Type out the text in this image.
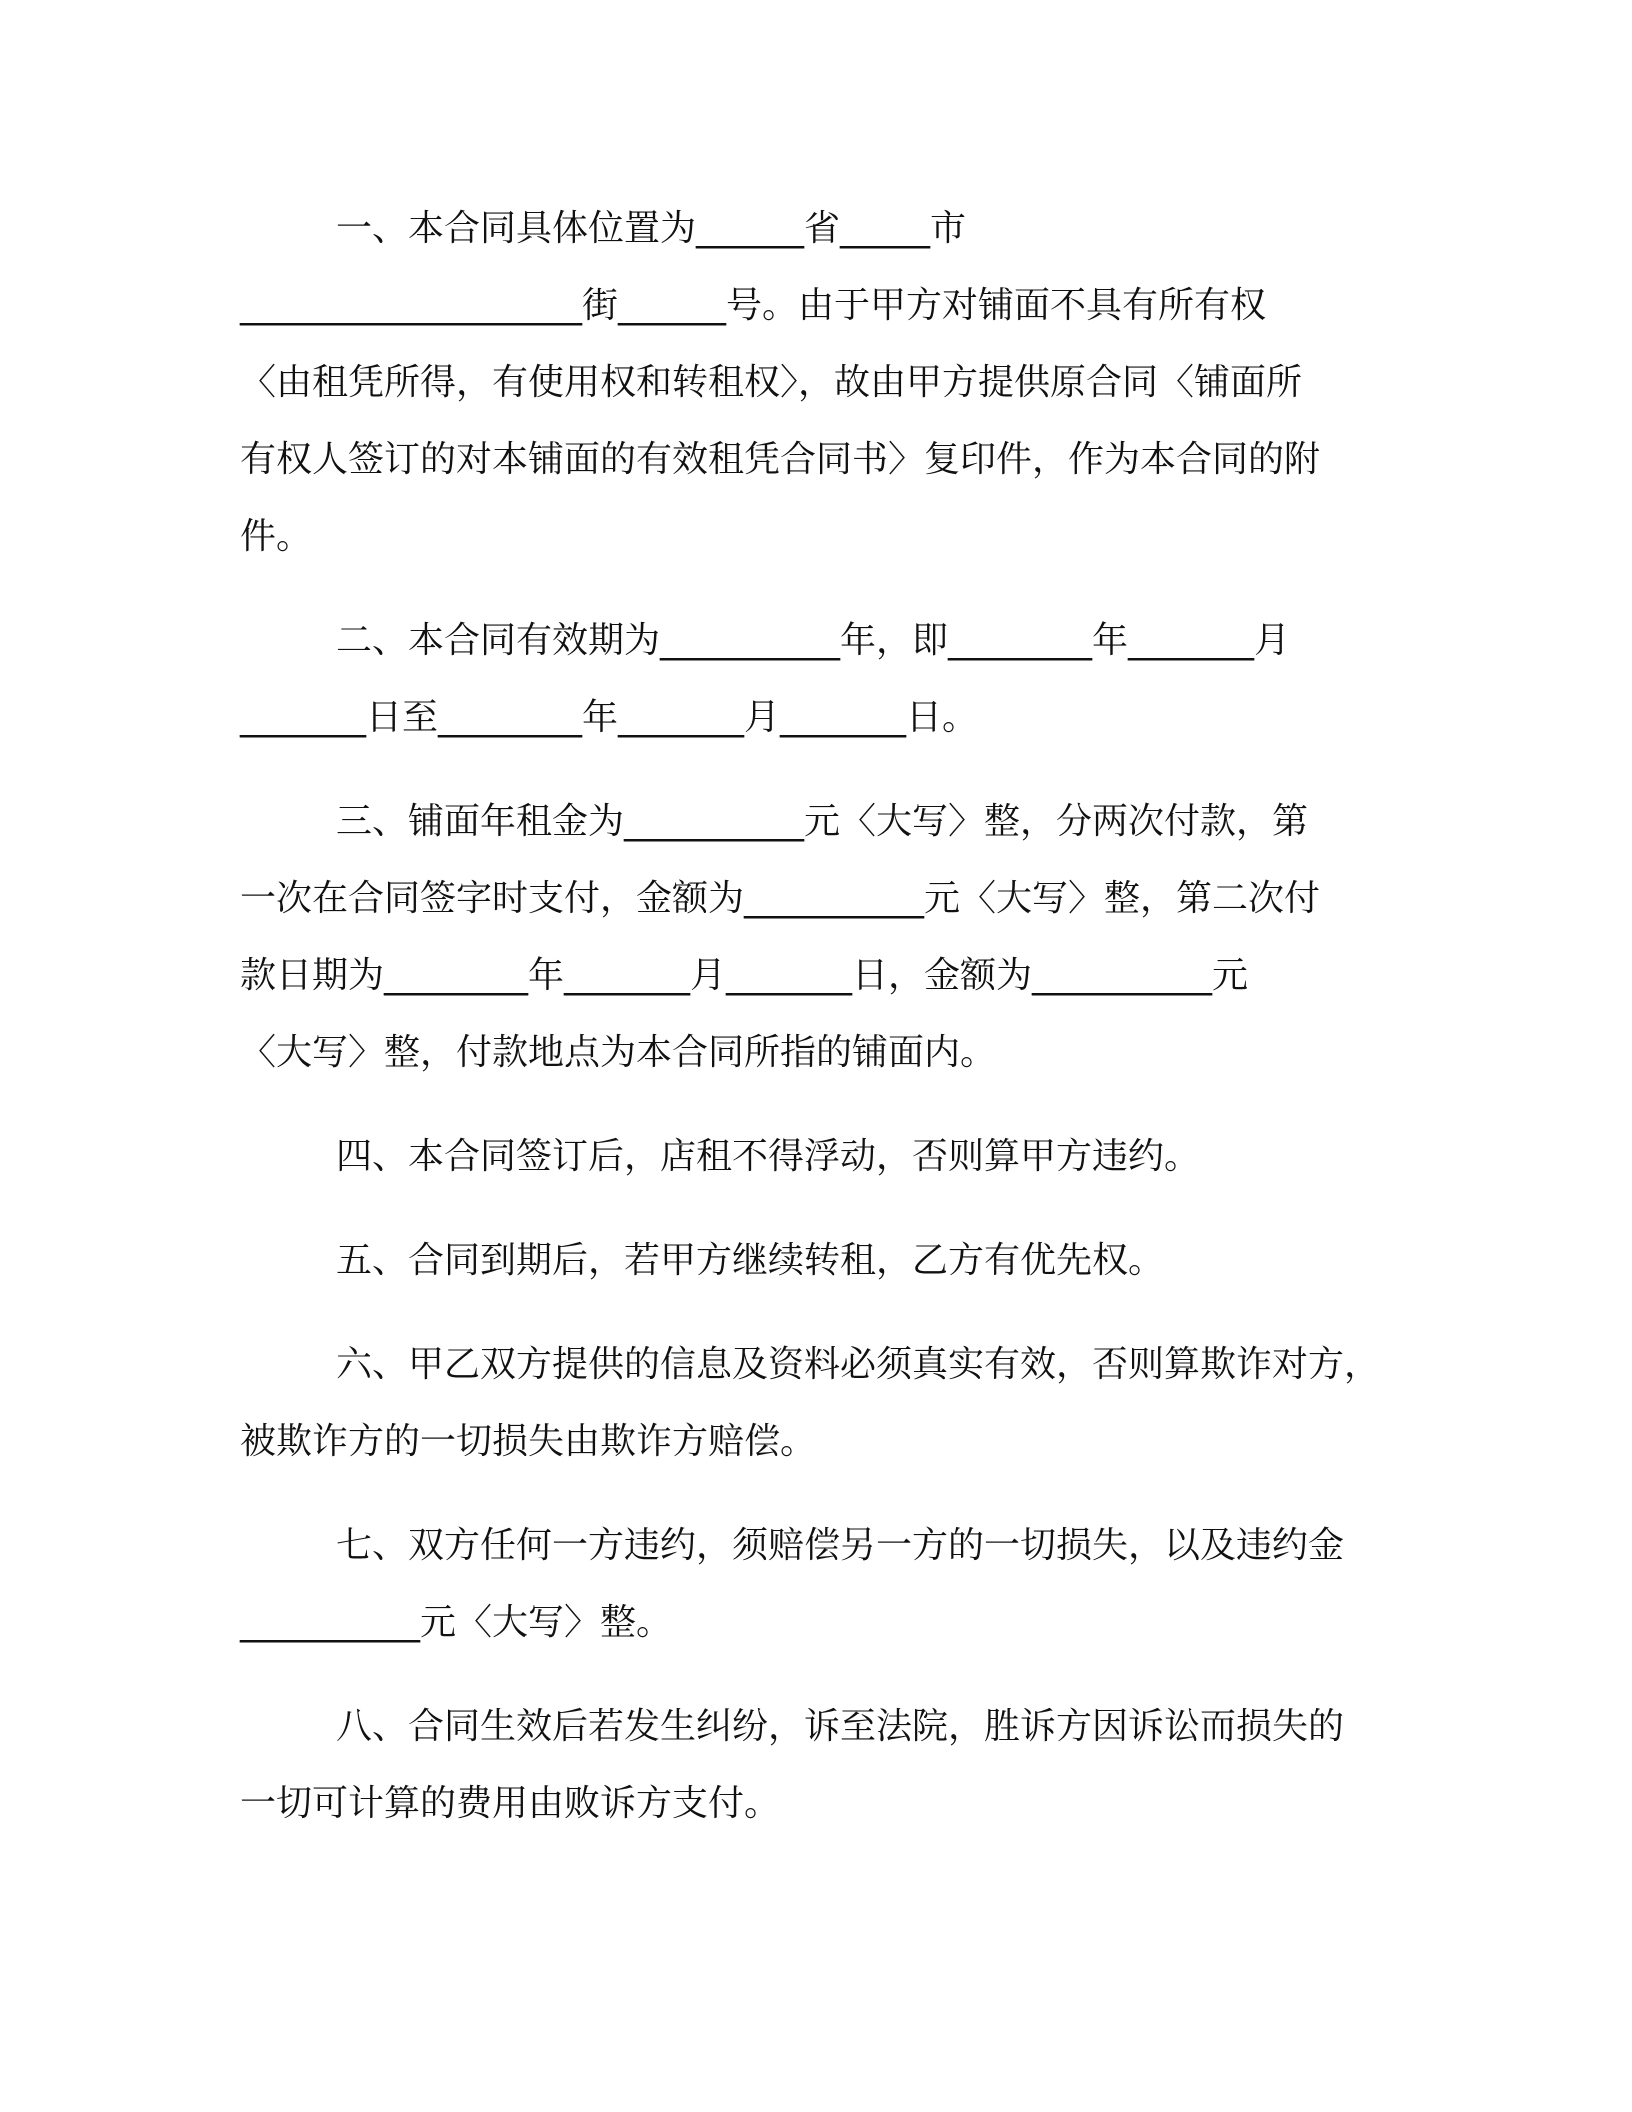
一、本合同具体位置为______省_____市
___________________街______号。由于甲方对铺面不具有所有权
〈由租凭所得，有使用权和转租权〉，故由甲方提供原合同〈铺面所
有权人签订的对本铺面的有效租凭合同书〉复印件，作为本合同的附
件。
二、本合同有效期为__________年，即________年_______月
_______日至________年_______月_______日。
三、铺面年租金为__________元〈大写〉整，分两次付款，第
一次在合同签字时支付，金额为__________元〈大写〉整，第二次付
款日期为________年_______月_______日，金额为__________元
〈大写〉整，付款地点为本合同所指的铺面内。
四、本合同签订后，店租不得浮动，否则算甲方违约。
五、合同到期后，若甲方继续转租，乙方有优先权。
六、甲乙双方提供的信息及资料必须真实有效，否则算欺诈对方，
被欺诈方的一切损失由欺诈方赔偿。
七、双方任何一方违约，须赔偿另一方的一切损失，以及违约金
__________元〈大写〉整。
八、合同生效后若发生纠纷，诉至法院，胜诉方因诉讼而损失的
一切可计算的费用由败诉方支付。
